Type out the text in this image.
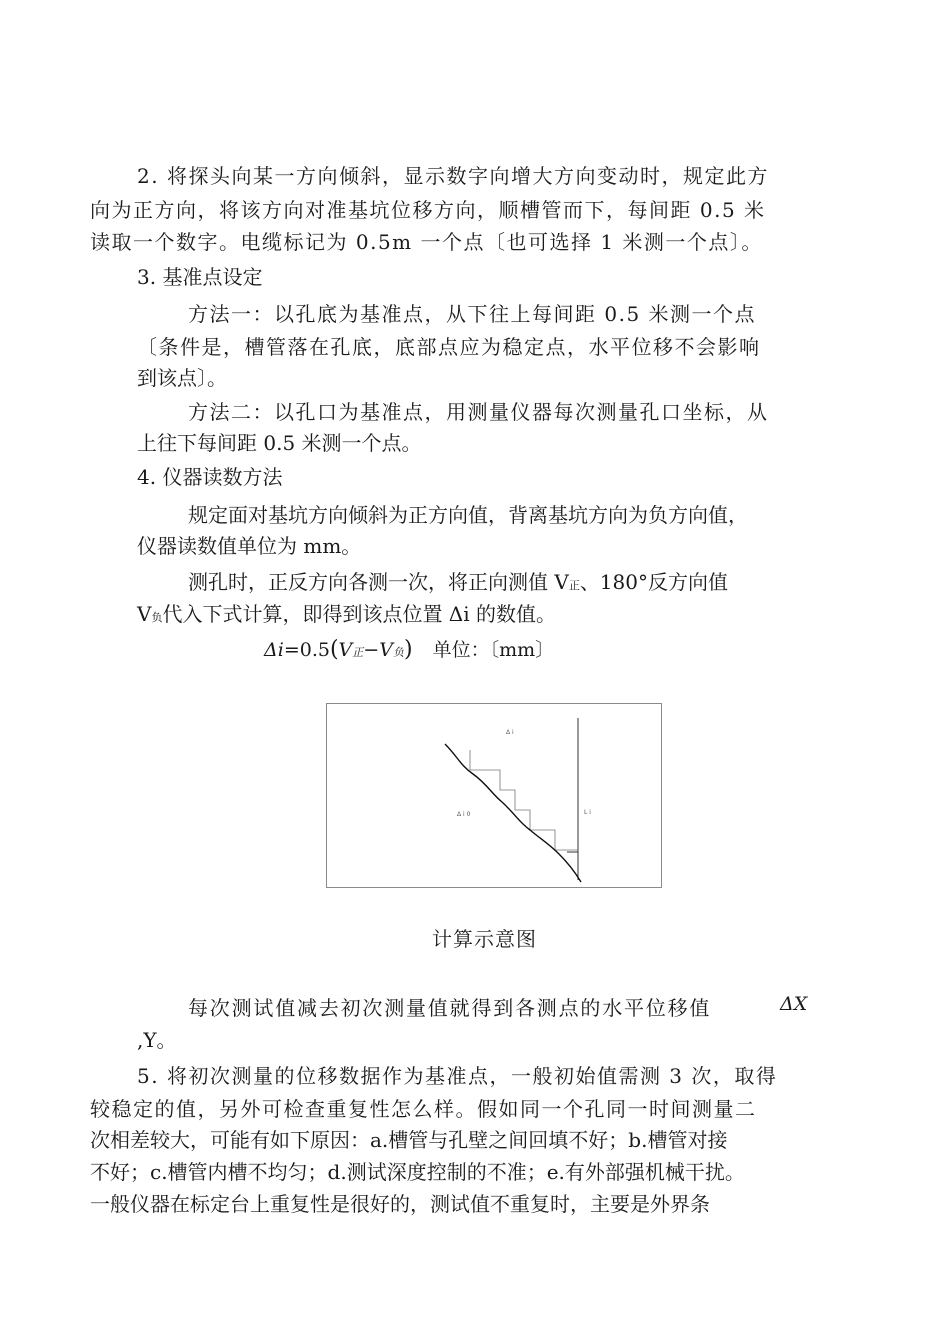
2. 将探头向某一方向倾斜，显示数字向增大方向变动时，规定此方
向为正方向，将该方向对准基坑位移方向，顺槽管而下，每间距 0.5 米
读取一个数字。电缆标记为 0.5m 一个点〔也可选择 1 米测一个点〕。
3. 基准点设定
方法一：以孔底为基准点，从下往上每间距 0.5 米测一个点
〔条件是，槽管落在孔底，底部点应为稳定点，水平位移不会影响
到该点〕。
方法二：以孔口为基准点，用测量仪器每次测量孔口坐标，从
上往下每间距 0.5 米测一个点。
4. 仪器读数方法
规定面对基坑方向倾斜为正方向值，背离基坑方向为负方向值，
仪器读数值单位为 mm。
测孔时，正反方向各测一次，将正向测值 V正、180°反方向值
V负代入下式计算，即得到该点位置 Δi 的数值。
Δi=0.5(V正−V负) 单位：〔mm〕
Δ i
Δ i 0	L i
计算示意图
每次测试值减去初次测量值就得到各测点的水平位移值	ΔX
,Y。
5. 将初次测量的位移数据作为基准点，一般初始值需测 3 次，取得
较稳定的值，另外可检查重复性怎么样。假如同一个孔同一时间测量二
次相差较大，可能有如下原因：a.槽管与孔壁之间回填不好；b.槽管对接
不好；c.槽管内槽不均匀；d.测试深度控制的不准；e.有外部强机械干扰。
一般仪器在标定台上重复性是很好的，测试值不重复时，主要是外界条
